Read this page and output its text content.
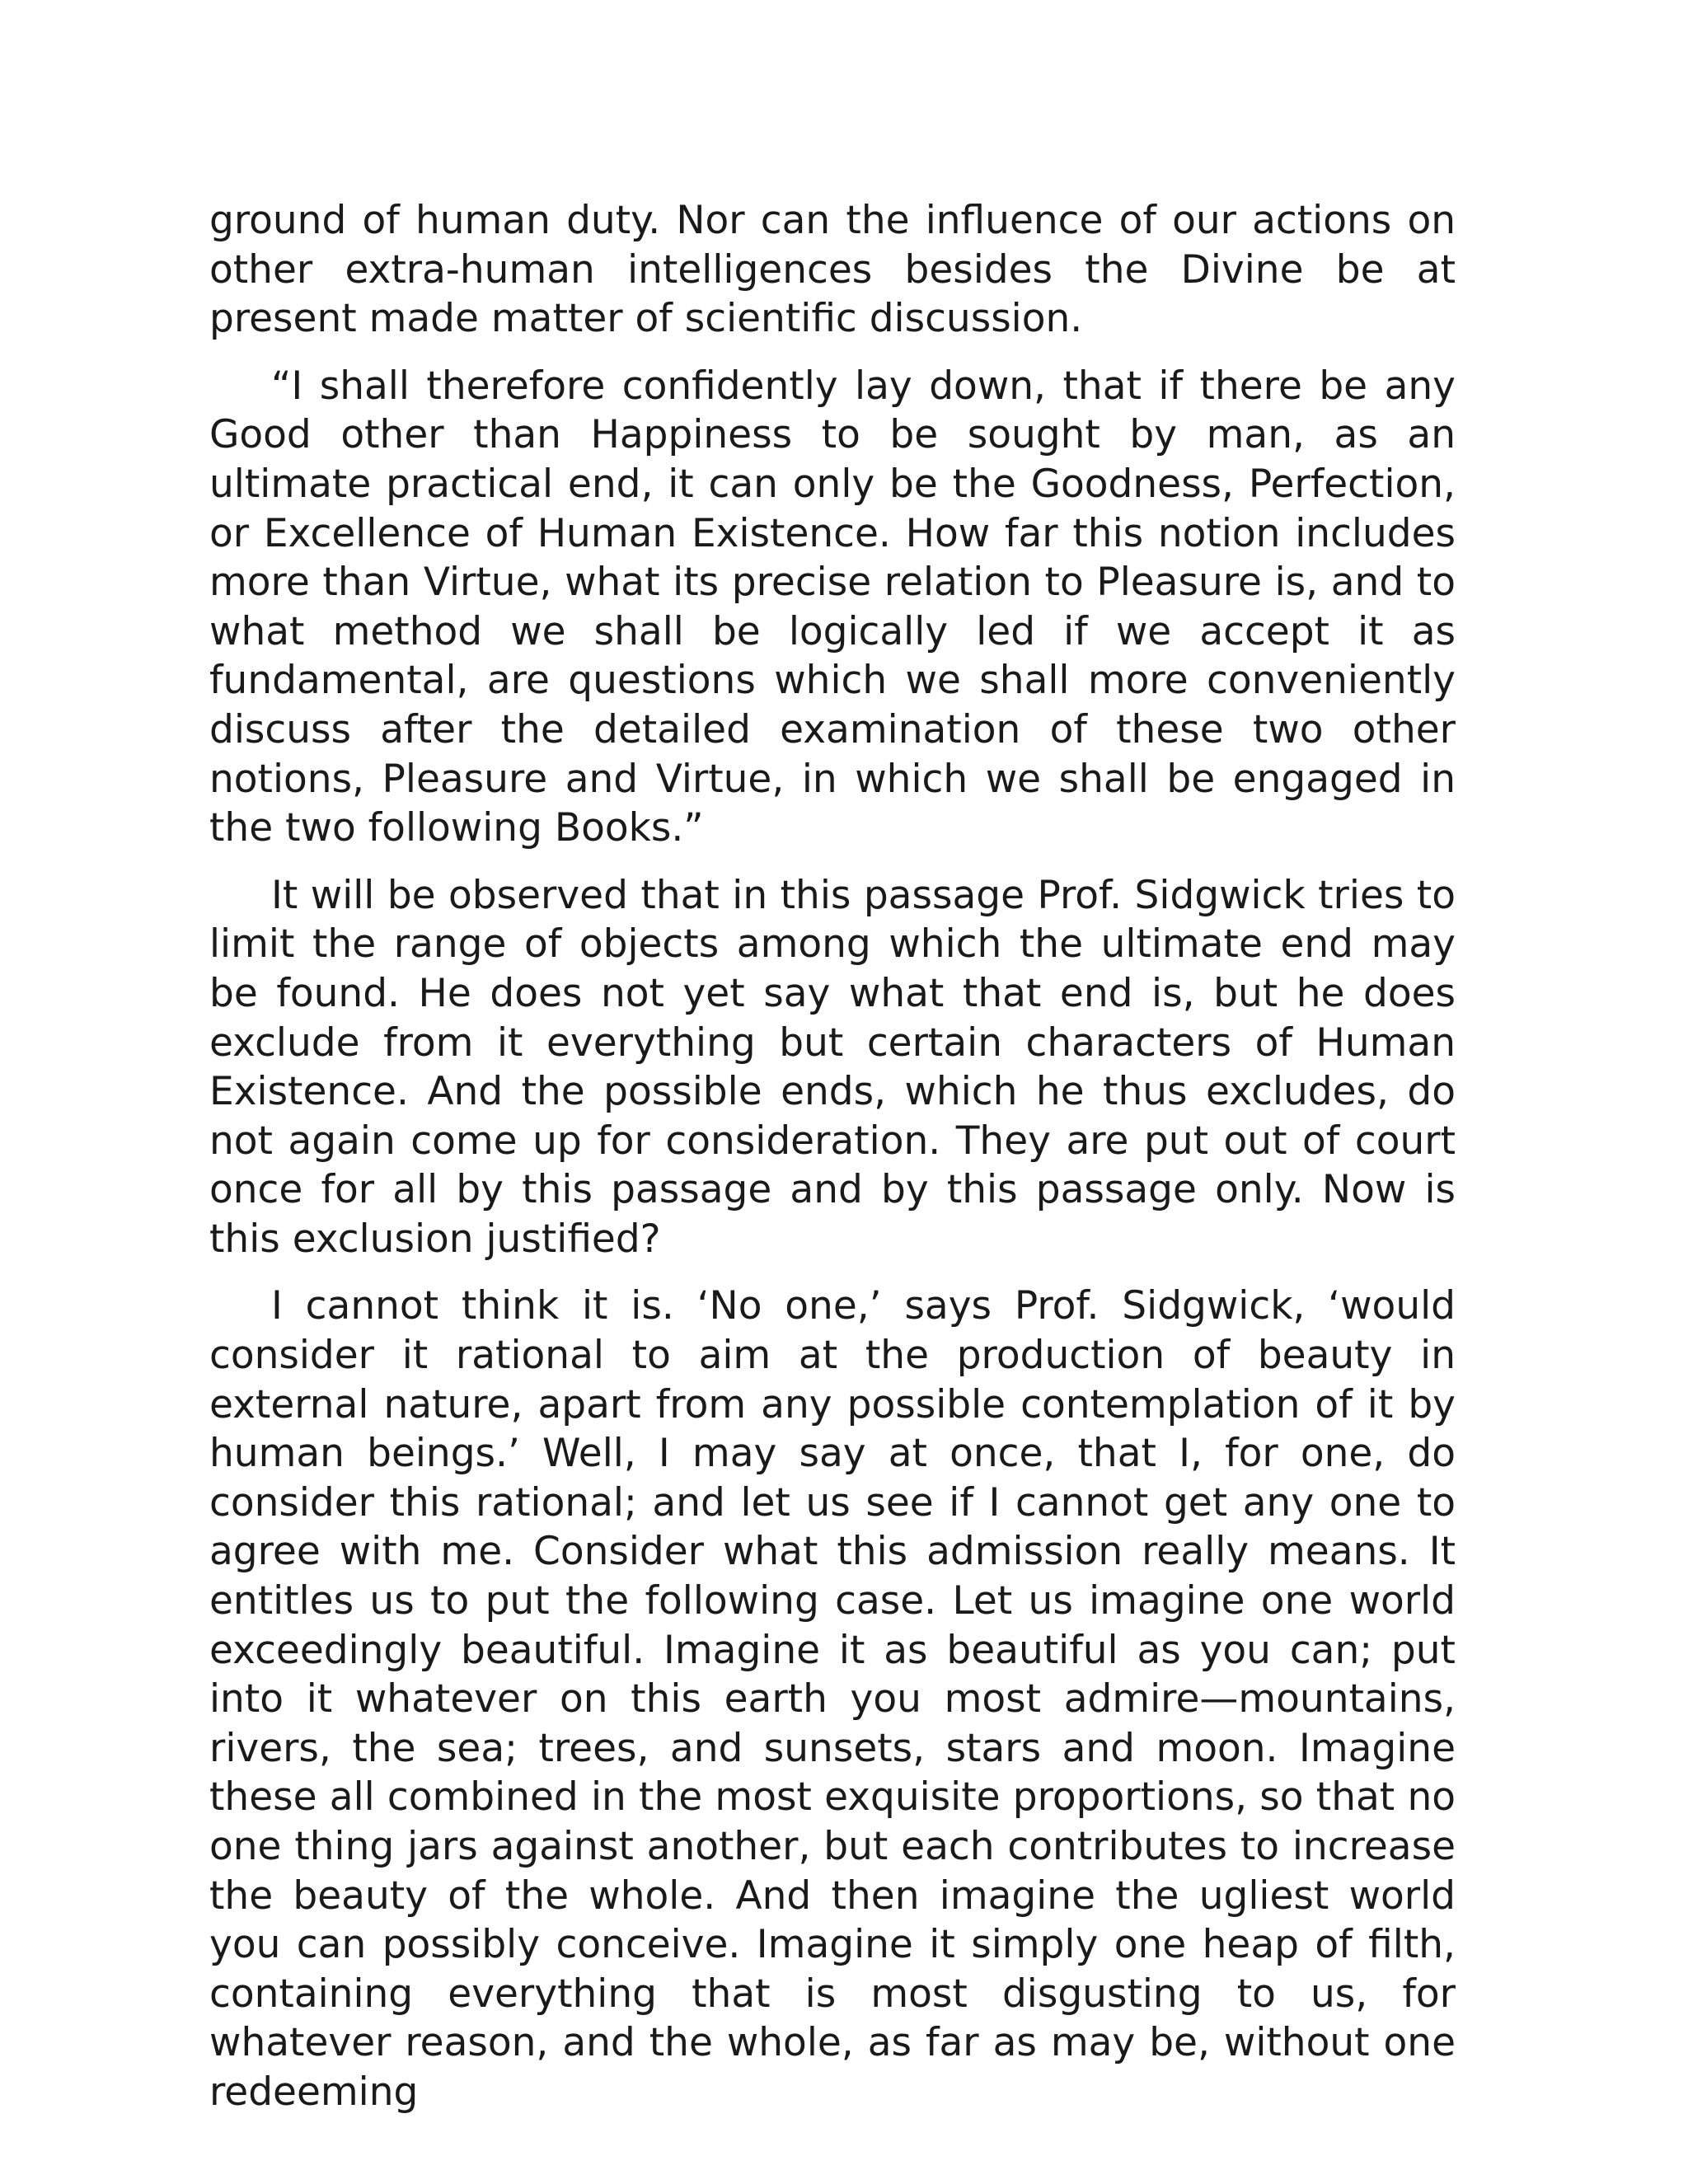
ground of human duty. Nor can the influence of our actions on other extra-human intelligences besides the Divine be at present made matter of scientific discussion.

“I shall therefore confidently lay down, that if there be any Good other than Happiness to be sought by man, as an ultimate practical end, it can only be the Goodness, Perfection, or Excellence of Human Existence. How far this notion includes more than Virtue, what its precise relation to Pleasure is, and to what method we shall be logically led if we accept it as fundamental, are questions which we shall more conveniently discuss after the detailed examination of these two other notions, Pleasure and Virtue, in which we shall be engaged in the two following Books.”

It will be observed that in this passage Prof. Sidgwick tries to limit the range of objects among which the ultimate end may be found. He does not yet say what that end is, but he does exclude from it everything but certain characters of Human Existence. And the possible ends, which he thus excludes, do not again come up for consideration. They are put out of court once for all by this passage and by this passage only. Now is this exclusion justified?

I cannot think it is. ‘No one,’ says Prof. Sidgwick, ‘would consider it rational to aim at the production of beauty in external nature, apart from any possible contemplation of it by human beings.’ Well, I may say at once, that I, for one, do consider this rational; and let us see if I cannot get any one to agree with me. Consider what this admission really means. It entitles us to put the following case. Let us imagine one world exceedingly beautiful. Imagine it as beautiful as you can; put into it whatever on this earth you most admire—mountains, rivers, the sea; trees, and sunsets, stars and moon. Imagine these all combined in the most exquisite proportions, so that no one thing jars against another, but each contributes to increase the beauty of the whole. And then imagine the ugliest world you can possibly conceive. Imagine it simply one heap of filth, containing everything that is most disgusting to us, for whatever reason, and the whole, as far as may be, without one redeeming
